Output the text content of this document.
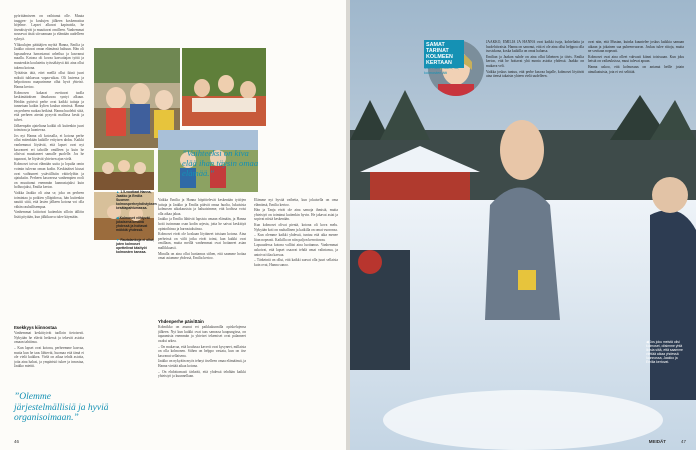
pyörittämiseen on vaihtunut olle. Muuta tauggen- ja koulujen jälkeen koskemattoa höjelme. Lapset alkavat kapinoida, he itsenäistyvät ja muuttavat omilleen. Vanhemmat nousevat tästä siivoamaan ja elämään uudelleen syksyä.

Ylikoulujen päättäjien myötä Hanna, Emilia ja Jaakko ottavat oman elämänsä haltuun. Hän oli lapsuudessa harrastanut urheilua ja kasvanut maalla. Kotona oli kovaa kasvattajan työtä ja muutenkin koulutettu työssäkäyvä äiti aina ollut tukena kotona.

Työtäisin tätä, ettei meillä ollut ikinä juuri miksiä tuhlaavaa vapaa-aikaa. Oli lastensa ja helpottavaa naapurimme ollut hyvä yhteisö. Hanna kertoo.

Kolmosen kakarat ovettuvat tuolla keskimääräisen ilmakuvaa syntyi alkuun. Heidän pyörivä perhe ovat kaikki tuttuja ja tunnetaan kaikin kylien koulun nimissä. Hanna on perheen ruokaa hetkinä. Hanna huolehti siitä, että perheen ateriat pysyvät mallissa kesät ja talvet.

Jälkeenpäin ajateltuna kaikki oli kuitenkin juuri toimivaa ja luontevaa.

Jos nyt Hanna oli kotosalla, ei kotona perhe ollut mitenkään kaikille erityisen ahdas. Kaikki vanhemmat löytävät, että lapset ovat nyt kasvaneet eri tahoille omilleen ja kuin he olisivat muuttaneet samalle puolelle. Jos he tapaavat, he löytävät yhteisen ajan vielä.

Kolmoset toivat elämään uutta ja lopulta omin voimin tulevan oman kodin. Keskinäiset kiusat ovat vaihtuneet ystävällisiin väittelyihin ja ajatuksiin. Perheen kasvaessa vanhempien rooli on muuttunut enemmän kannustajaksi kuin holhoojaksi, Emilia kertoo.

Vaikka Jaakko oli aina se, joka on perheen toimintaa ja poikien ylläpidossa, hän kuitenkin nauttii siitä, että lasten jälkeen kotona voi olla vähän rauhallisempaa.

Vanhemmat laittoivat kuitenkin silloin tällöin lisää pöytään, kun jälkikasvu tulee käymään.

Itsekkyys kiinnostaa

Vanhemmat keskittyivät tuolloin tietoisesti. Nykyään he elävät hetkessä ja tekevät asioita omaan tahtiinsa.

– Kun lapset ovat kotona, perheemme kasvaa, mutta kun he taas lähtevät, huomaa että tämä ei ole vielä kaikkea. Vielä on aikaa tehdä asioita, joita aina halusi, ja ympäristö tukee ja innostaa, Jaakko miettii.

”Olemme järjestelmällisiä ja hyviä organisoimaan.”
”Vaihteeksi on kiva elää ihan täysin omaa elämää.”
▲ 1.5-vuotiaat Hanna, Jaakko ja Emilia Suomen kolmosperheyhdistyksen kesätapahtumassa.
◀ Kolmoset viihtyvät jokaisena kesänä yhdessä ja hoitavat mökkiä yhdessä.
▼ Rautalankoja ei ollut, joten kolmoset opettelivat käsityöt kolmosten kanssa.

Vaikka Emilia ja Hanna höpöttelevät keskenään tyttöjen juttuja ja Jaakko ja Emilia pitävät omaa huolta, lukuisista kolmosen aikakausista ja haluaisimme, että kodissa voisi olla aikaa jakaa.

Jaakko ja Emilia lähtivät lapsista omaan elämään, ja Hanna hoiti isoimman osan kodin arjesta, jotta he saivat keskittyä opintoihinsa ja harrastuksiinsa.

Kolmoset eivät ole koskaan löytäneet toisiaan kotona. Aina perheissä on välit jotka eivät toimi, kun kaikki ovat omillaan, mutta meillä vanhemmat ovat hoitaneet asian mallikkaasti.

Minulla on aina ollut luottamus siihen, että saamme hoitaa omat asiamme yhdessä, Emilia kertoo.

Yhdenperhe päivittäin

Kolmikko on asunut eri paikkakunnilla opiskelujensa jälkeen. Nyt kun kaikki ovat taas samassa kaupungissa, on tapaamisia enemmän ja yhteiset tekemiset ovat palanneet osaksi arkea.

– On mukavaa, että koulussa kaverit ovat kysyneet, millaista on olla kolmonen. Siihen on helppo vastata, kun on itse kasvanut sellaisena.

Jaakko on nykyään myös tehnyt itselleen omaa elämäänsä, ja Hanna viettää aikaa kotona.

– On ehdottomasti tärkeää, että yhdessä tehdään kaikki yhteistyö ja kuunnellaan.

Elämme nyt hyvää vaihetta, kun jokaisella on oma elämänsä, Emilia kertoo.

Hän ja Tanja eivät ole aina samoja ihmisiä, mutta yhteistyö on toiminut kuitenkin hyvin. He jakavat asiat ja sopivat niistä keskenään.

Kun kolmoset olivat pieniä, kotona oli kova melu. Nykyään koti on rauhallinen ja kaikilla on omat vuoronsa.

– Kun olemme kaikki yhdessä, tuntuu että aika menee liian nopeasti. Kaikilla on niin paljon kerrottavaa.

Lapsuudessa kotona vallitsi aina luottamus. Vanhemmat uskoivat, että lapset osaavat tehdä omat valintansa, ja antoivat tilaa kasvaa.

– Tärkeintä on ollut, että kaikki saavat olla juuri sellaisia kuin ovat, Hanna sanoo.

46
SAMAT TARINAT KOLMEEN KERTAAN
Mari Kalhovaara, 46, kolmosten äiti

JAAKKO, EMILIA JA HANNA ovat kaikki isoja, kohteliaita ja huolehtivaisia. Hanna on sanonut, että ei ole aina ollut helppoa olla isosiskona, koska kaikilla on omat halunsa.

Emilian ja Jaakon suhde on aina ollut läheinen ja tiivis. Emilia kertoo, että he hoitavat yhä monia asioita yhdessä. Jaakko on mukava veli.

Vaikka joskus tuntuu, että perhe kasvaa hajalle, kolmoset löytävät aina tiensä takaisin yhteen vielä uudelleen.

ovat niin, että Mustan, kuinka kuuntelee joskus kaikkia samaan aikaan ja jokainen saa puheenvuoron. Joskus tulee riitoja, mutta ne sovitaan nopeasti.

Kolmoset ovat aina olleet vahvasti kiinni toisissaan. Kun joku heistä on vaikeuksissa, muut tulevat apuun.

Hanna uskoo, että kolmosuus on antanut heille jotain ainutlaatuista, jota ei voi selittää.

◀ Jos joku meistä olisi kolmoset, olisimme yhtä iloisia siitä, että saamme viettää aikaa yhdessä luonnossa, Jaakko ja Emilia kertovat.
MEIDÄT	47
